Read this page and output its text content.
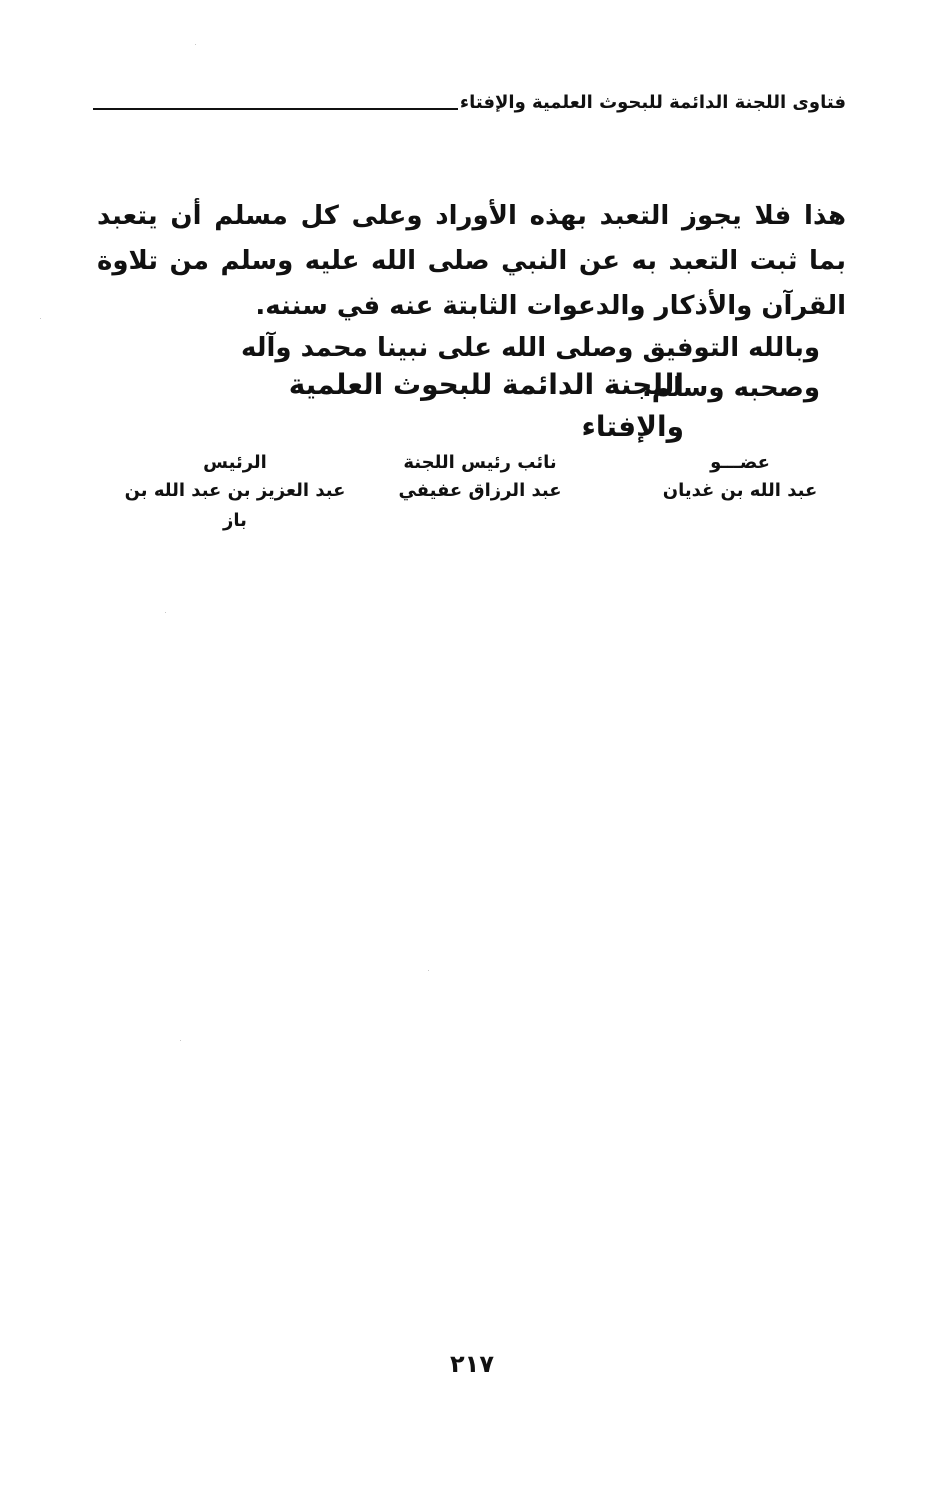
فتاوى اللجنة الدائمة للبحوث العلمية والإفتاء
هذا فلا يجوز التعبد بهذه الأوراد وعلى كل مسلم أن يتعبد بما ثبت التعبد به عن النبي صلى الله عليه وسلم من تلاوة القرآن والأذكار والدعوات الثابتة عنه في سننه.
وبالله التوفيق وصلى الله على نبينا محمد وآله وصحبه وسلم.
اللجنة الدائمة للبحوث العلمية والإفتاء
عضـــو
عبد الله بن غديان
نائب رئيس اللجنة
عبد الرزاق عفيفي
الرئيس
عبد العزيز بن عبد الله بن باز
٢١٧
